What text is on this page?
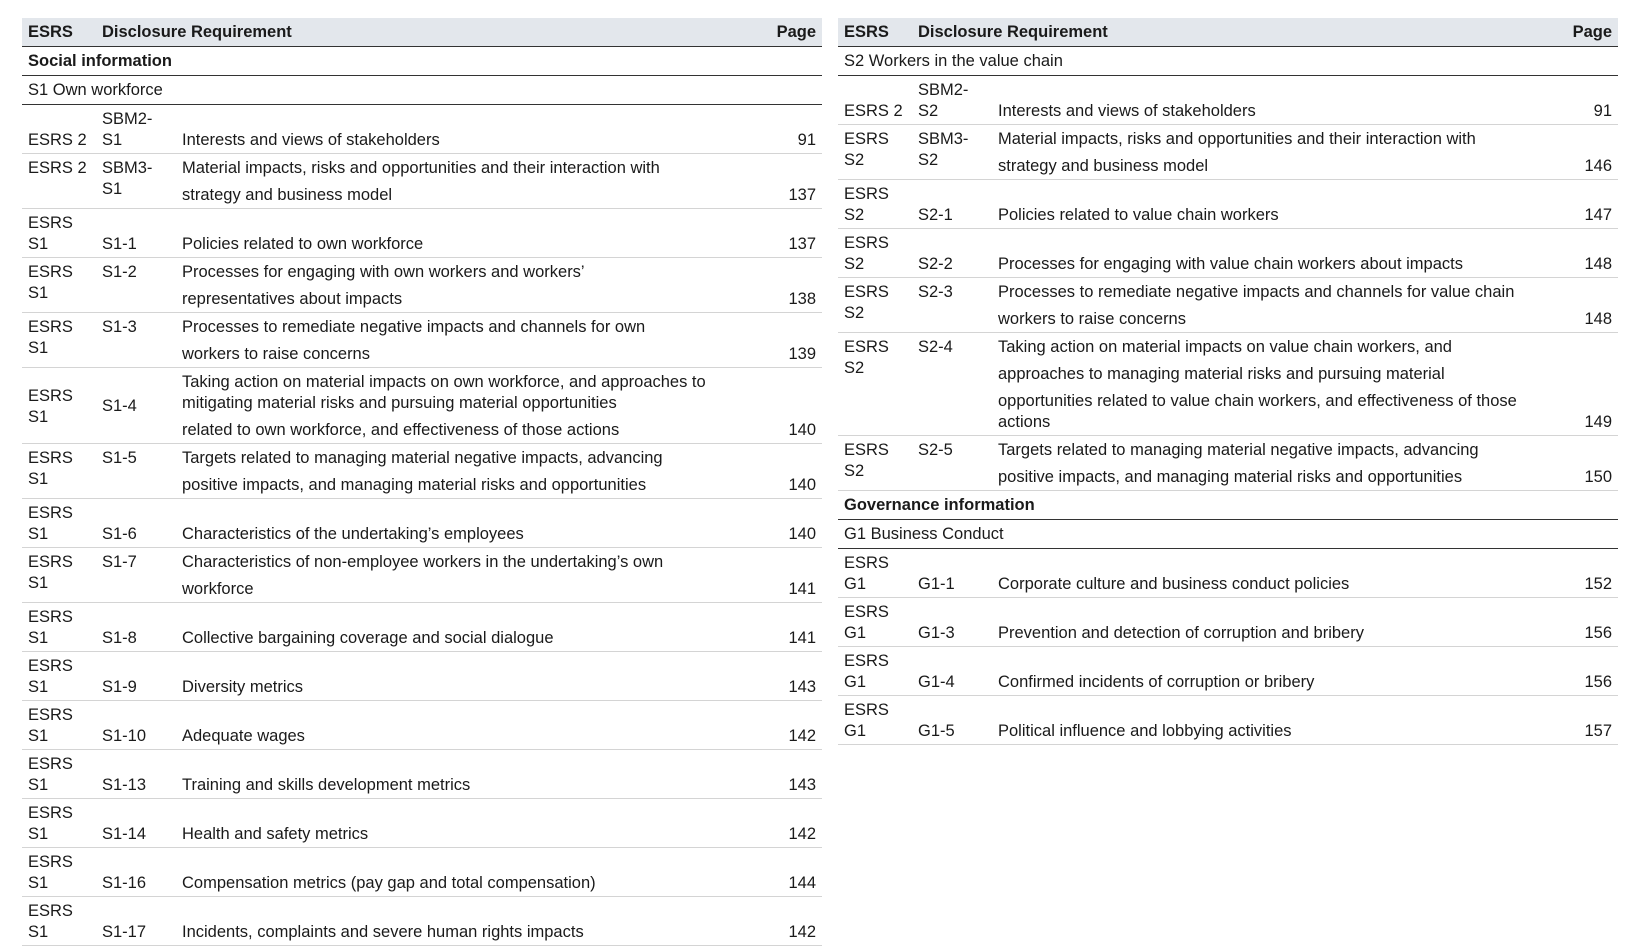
ESRS	Disclosure Requirement		Page
Social information			
S1 Own workforce			
ESRS 2	SBM2-S1	Interests and views of stakeholders	91
ESRS 2	SBM3-S1	Material impacts, risks and opportunities and their interaction with
strategy and business model	137
ESRS S1	S1-1	Policies related to own workforce	137
ESRS S1	S1-2	Processes for engaging with own workers and workers’
representatives about impacts	138
ESRS S1	S1-3	Processes to remediate negative impacts and channels for own
workers to raise concerns	139
ESRS S1	S1-4	Taking action on material impacts on own workforce, and approaches to
mitigating material risks and pursuing material opportunities
related to own workforce, and effectiveness of those actions	140
ESRS S1	S1-5	Targets related to managing material negative impacts, advancing
positive impacts, and managing material risks and opportunities	140
ESRS S1	S1-6	Characteristics of the undertaking’s employees	140
ESRS S1	S1-7	Characteristics of non-employee workers in the undertaking’s own
workforce	141
ESRS S1	S1-8	Collective bargaining coverage and social dialogue	141
ESRS S1	S1-9	Diversity metrics	143
ESRS S1	S1-10	Adequate wages	142
ESRS S1	S1-13	Training and skills development metrics	143
ESRS S1	S1-14	Health and safety metrics	142
ESRS S1	S1-16	Compensation metrics (pay gap and total compensation)	144
ESRS S1	S1-17	Incidents, complaints and severe human rights impacts	142
ESRS	Disclosure Requirement		Page
S2 Workers in the value chain			
ESRS 2	SBM2-S2	Interests and views of stakeholders	91
ESRS S2	SBM3-S2	Material impacts, risks and opportunities and their interaction with
strategy and business model	146
ESRS S2	S2-1	Policies related to value chain workers	147
ESRS S2	S2-2	Processes for engaging with value chain workers about impacts	148
ESRS S2	S2-3	Processes to remediate negative impacts and channels for value chain
workers to raise concerns	148
ESRS S2	S2-4	Taking action on material impacts on value chain workers, and
approaches to managing material risks and pursuing material
opportunities related to value chain workers, and effectiveness of those
actions	149
ESRS S2	S2-5	Targets related to managing material negative impacts, advancing
positive impacts, and managing material risks and opportunities	150
Governance information			
G1 Business Conduct			
ESRS G1	G1-1	Corporate culture and business conduct policies	152
ESRS G1	G1-3	Prevention and detection of corruption and bribery	156
ESRS G1	G1-4	Confirmed incidents of corruption or bribery	156
ESRS G1	G1-5	Political influence and lobbying activities	157
